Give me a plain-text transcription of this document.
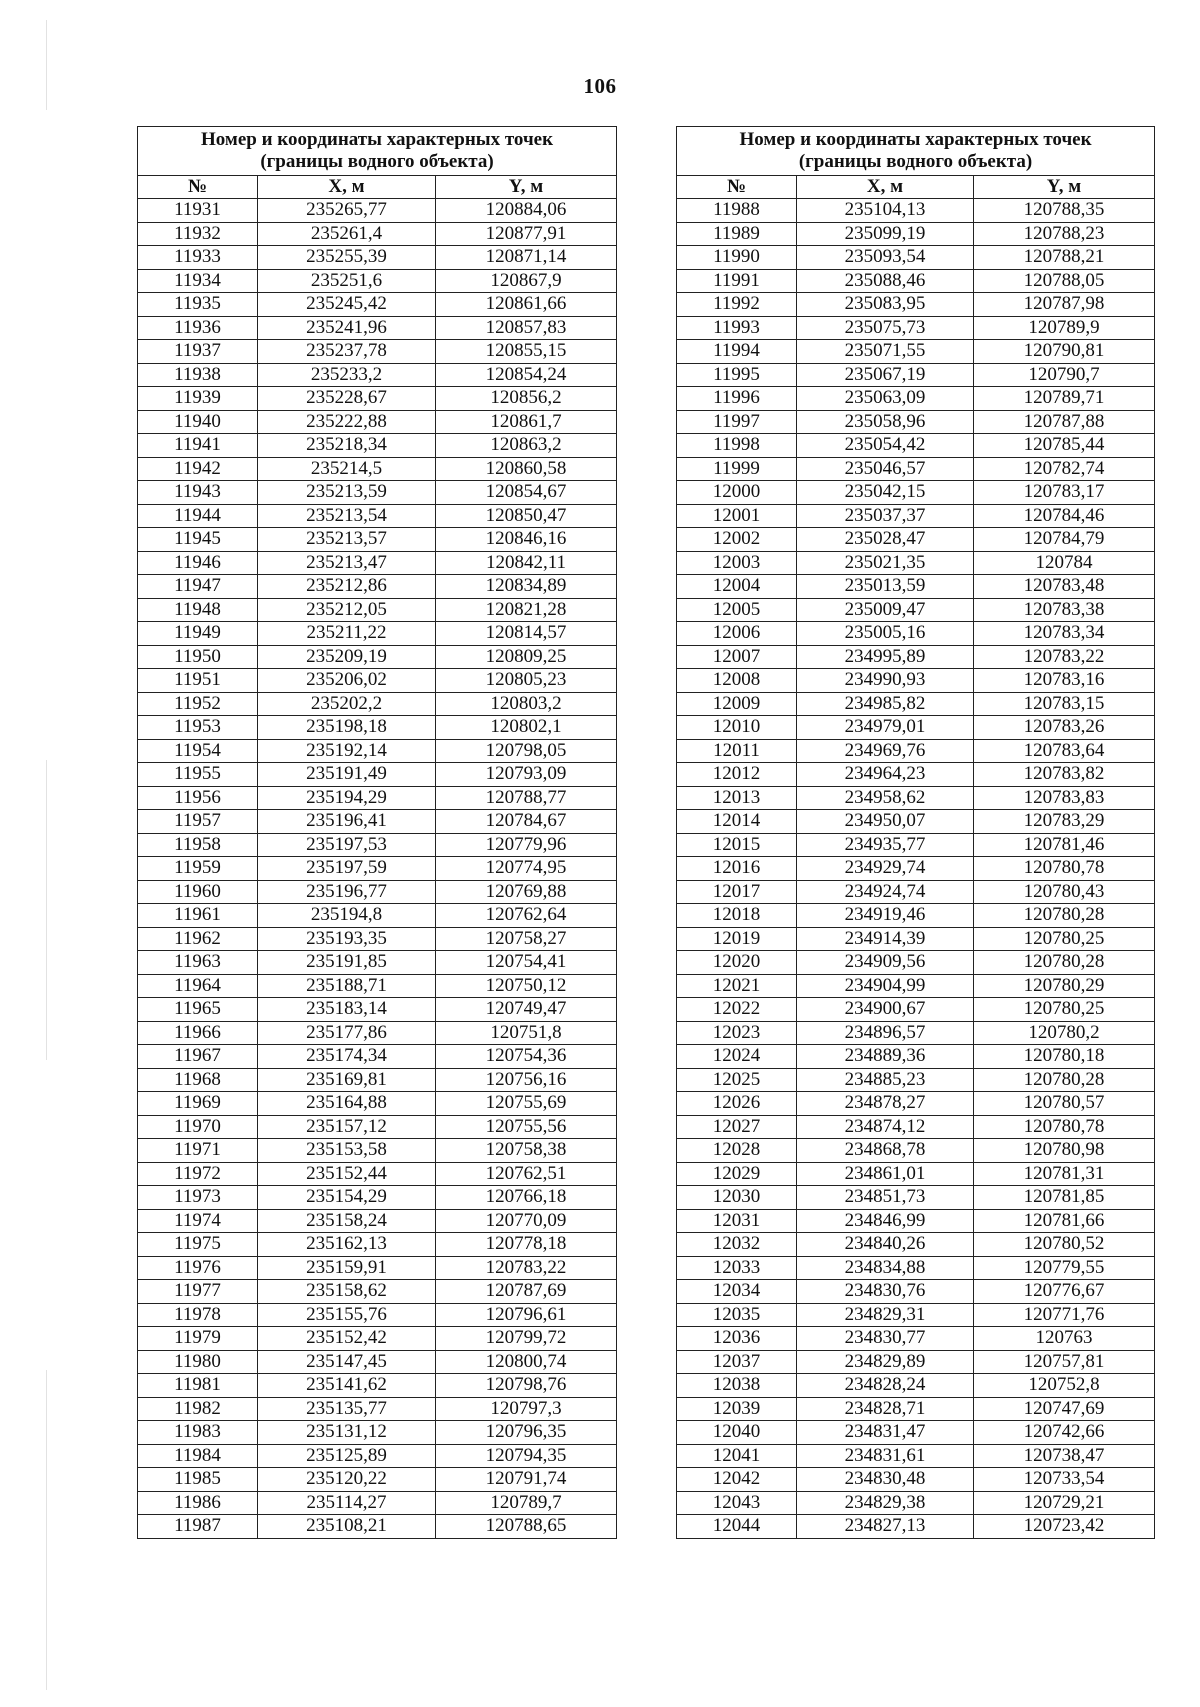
106
Номер и координаты характерных точек
(границы водного объекта)		
№	X, м	Y, м
11931	235265,77	120884,06
11932	235261,4	120877,91
11933	235255,39	120871,14
11934	235251,6	120867,9
11935	235245,42	120861,66
11936	235241,96	120857,83
11937	235237,78	120855,15
11938	235233,2	120854,24
11939	235228,67	120856,2
11940	235222,88	120861,7
11941	235218,34	120863,2
11942	235214,5	120860,58
11943	235213,59	120854,67
11944	235213,54	120850,47
11945	235213,57	120846,16
11946	235213,47	120842,11
11947	235212,86	120834,89
11948	235212,05	120821,28
11949	235211,22	120814,57
11950	235209,19	120809,25
11951	235206,02	120805,23
11952	235202,2	120803,2
11953	235198,18	120802,1
11954	235192,14	120798,05
11955	235191,49	120793,09
11956	235194,29	120788,77
11957	235196,41	120784,67
11958	235197,53	120779,96
11959	235197,59	120774,95
11960	235196,77	120769,88
11961	235194,8	120762,64
11962	235193,35	120758,27
11963	235191,85	120754,41
11964	235188,71	120750,12
11965	235183,14	120749,47
11966	235177,86	120751,8
11967	235174,34	120754,36
11968	235169,81	120756,16
11969	235164,88	120755,69
11970	235157,12	120755,56
11971	235153,58	120758,38
11972	235152,44	120762,51
11973	235154,29	120766,18
11974	235158,24	120770,09
11975	235162,13	120778,18
11976	235159,91	120783,22
11977	235158,62	120787,69
11978	235155,76	120796,61
11979	235152,42	120799,72
11980	235147,45	120800,74
11981	235141,62	120798,76
11982	235135,77	120797,3
11983	235131,12	120796,35
11984	235125,89	120794,35
11985	235120,22	120791,74
11986	235114,27	120789,7
11987	235108,21	120788,65
Номер и координаты характерных точек
(границы водного объекта)		
№	X, м	Y, м
11988	235104,13	120788,35
11989	235099,19	120788,23
11990	235093,54	120788,21
11991	235088,46	120788,05
11992	235083,95	120787,98
11993	235075,73	120789,9
11994	235071,55	120790,81
11995	235067,19	120790,7
11996	235063,09	120789,71
11997	235058,96	120787,88
11998	235054,42	120785,44
11999	235046,57	120782,74
12000	235042,15	120783,17
12001	235037,37	120784,46
12002	235028,47	120784,79
12003	235021,35	120784
12004	235013,59	120783,48
12005	235009,47	120783,38
12006	235005,16	120783,34
12007	234995,89	120783,22
12008	234990,93	120783,16
12009	234985,82	120783,15
12010	234979,01	120783,26
12011	234969,76	120783,64
12012	234964,23	120783,82
12013	234958,62	120783,83
12014	234950,07	120783,29
12015	234935,77	120781,46
12016	234929,74	120780,78
12017	234924,74	120780,43
12018	234919,46	120780,28
12019	234914,39	120780,25
12020	234909,56	120780,28
12021	234904,99	120780,29
12022	234900,67	120780,25
12023	234896,57	120780,2
12024	234889,36	120780,18
12025	234885,23	120780,28
12026	234878,27	120780,57
12027	234874,12	120780,78
12028	234868,78	120780,98
12029	234861,01	120781,31
12030	234851,73	120781,85
12031	234846,99	120781,66
12032	234840,26	120780,52
12033	234834,88	120779,55
12034	234830,76	120776,67
12035	234829,31	120771,76
12036	234830,77	120763
12037	234829,89	120757,81
12038	234828,24	120752,8
12039	234828,71	120747,69
12040	234831,47	120742,66
12041	234831,61	120738,47
12042	234830,48	120733,54
12043	234829,38	120729,21
12044	234827,13	120723,42
